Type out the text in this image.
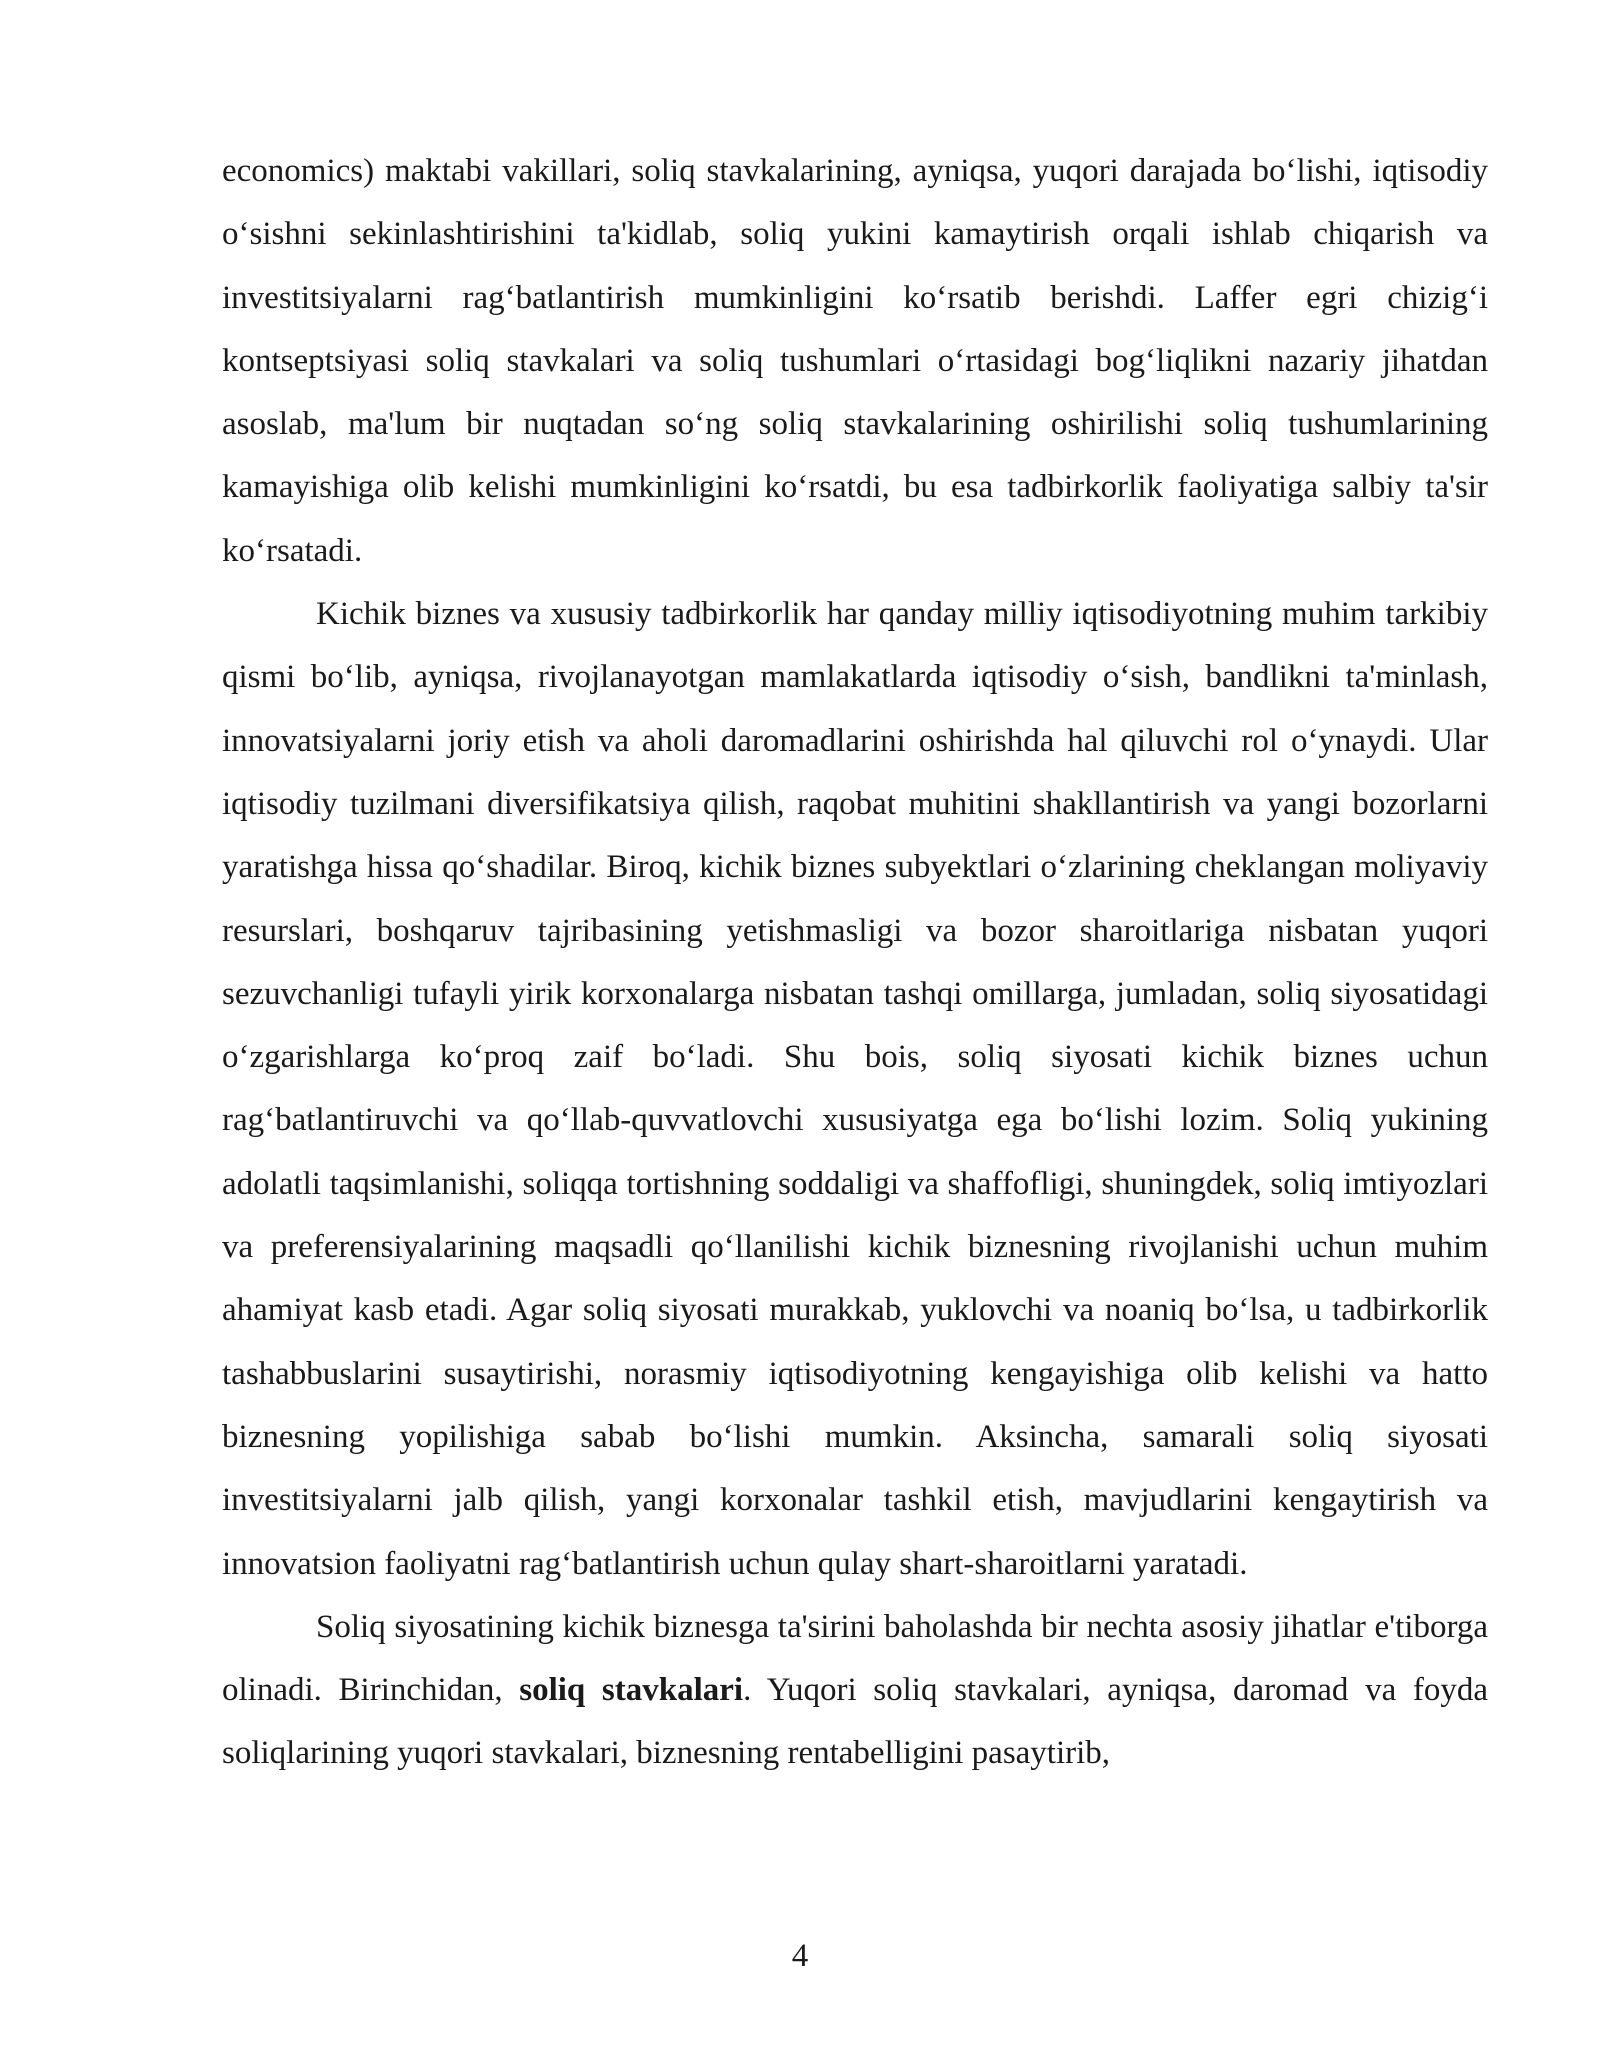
economics) maktabi vakillari, soliq stavkalarining, ayniqsa, yuqori darajada bo‘lishi, iqtisodiy o‘sishni sekinlashtirishini ta'kidlab, soliq yukini kamaytirish orqali ishlab chiqarish va investitsiyalarni rag‘batlantirish mumkinligini ko‘rsatib berishdi. Laffer egri chizig‘i kontseptsiyasi soliq stavkalari va soliq tushumlari o‘rtasidagi bog‘liqlikni nazariy jihatdan asoslab, ma'lum bir nuqtadan so‘ng soliq stavkalarining oshirilishi soliq tushumlarining kamayishiga olib kelishi mumkinligini ko‘rsatdi, bu esa tadbirkorlik faoliyatiga salbiy ta'sir ko‘rsatadi.

Kichik biznes va xususiy tadbirkorlik har qanday milliy iqtisodiyotning muhim tarkibiy qismi bo‘lib, ayniqsa, rivojlanayotgan mamlakatlarda iqtisodiy o‘sish, bandlikni ta'minlash, innovatsiyalarni joriy etish va aholi daromadlarini oshirishda hal qiluvchi rol o‘ynaydi. Ular iqtisodiy tuzilmani diversifikatsiya qilish, raqobat muhitini shakllantirish va yangi bozorlarni yaratishga hissa qo‘shadilar. Biroq, kichik biznes subyektlari o‘zlarining cheklangan moliyaviy resurslari, boshqaruv tajribasining yetishmasligi va bozor sharoitlariga nisbatan yuqori sezuvchanligi tufayli yirik korxonalarga nisbatan tashqi omillarga, jumladan, soliq siyosatidagi o‘zgarishlarga ko‘proq zaif bo‘ladi. Shu bois, soliq siyosati kichik biznes uchun rag‘batlantiruvchi va qo‘llab-quvvatlovchi xususiyatga ega bo‘lishi lozim. Soliq yukining adolatli taqsimlanishi, soliqqa tortishning soddaligi va shaffofligi, shuningdek, soliq imtiyozlari va preferensiyalarining maqsadli qo‘llanilishi kichik biznesning rivojlanishi uchun muhim ahamiyat kasb etadi. Agar soliq siyosati murakkab, yuklovchi va noaniq bo‘lsa, u tadbirkorlik tashabbuslarini susaytirishi, norasmiy iqtisodiyotning kengayishiga olib kelishi va hatto biznesning yopilishiga sabab bo‘lishi mumkin. Aksincha, samarali soliq siyosati investitsiyalarni jalb qilish, yangi korxonalar tashkil etish, mavjudlarini kengaytirish va innovatsion faoliyatni rag‘batlantirish uchun qulay shart-sharoitlarni yaratadi.

Soliq siyosatining kichik biznesga ta'sirini baholashda bir nechta asosiy jihatlar e'tiborga olinadi. Birinchidan, soliq stavkalari. Yuqori soliq stavkalari, ayniqsa, daromad va foyda soliqlarining yuqori stavkalari, biznesning rentabelligini pasaytirib,

4
